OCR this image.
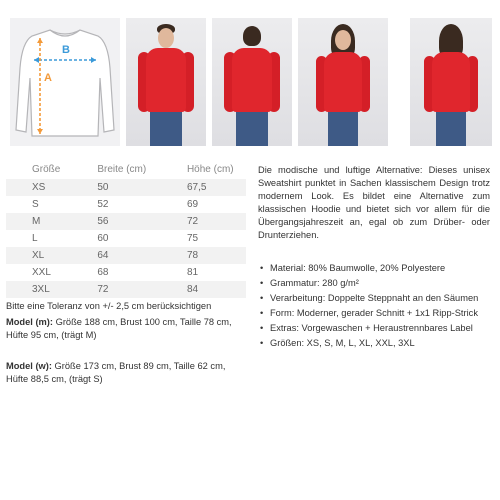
B
A
Größe	Breite (cm)	Höhe (cm)
XS	50	67,5
S	52	69
M	56	72
L	60	75
XL	64	78
XXL	68	81
3XL	72	84
Bitte eine Toleranz von +/- 2,5 cm berücksichtigen
Model (m): Größe 188 cm, Brust 100 cm, Taille 78 cm, Hüfte 95 cm, (trägt M)
Model (w): Größe 173 cm, Brust 89 cm, Taille 62 cm, Hüfte 88,5 cm, (trägt S)
Die modische und luftige Alternative: Dieses unisex Sweatshirt punktet in Sachen klassischem Design trotz modernem Look. Es bildet eine Alternative zum klassischen Hoodie und bietet sich vor allem für die Übergangsjahreszeit an, egal ob zum Drüber- oder Drunterziehen.
• Material: 80% Baumwolle, 20% Polyestere
• Grammatur: 280 g/m²
• Verarbeitung: Doppelte Steppnaht an den Säumen
• Form: Moderner, gerader Schnitt + 1x1 Ripp-Strick
• Extras: Vorgewaschen + Heraustrennbares Label
• Größen: XS, S, M, L, XL, XXL, 3XL
